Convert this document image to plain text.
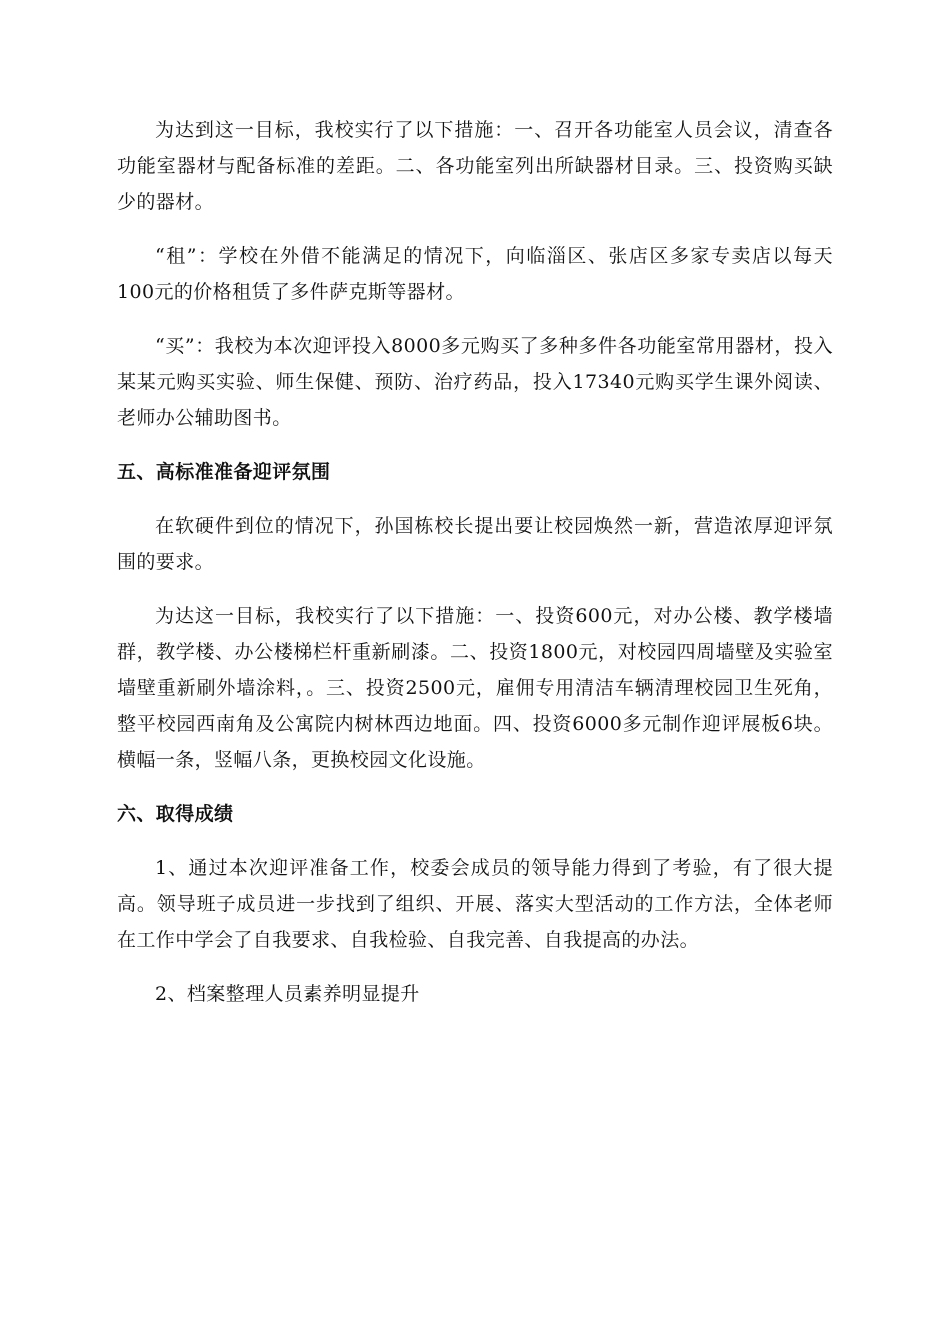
为达到这一目标，我校实行了以下措施：一、召开各功能室人员会议，清查各功能室器材与配备标准的差距。二、各功能室列出所缺器材目录。三、投资购买缺少的器材。

“租”：学校在外借不能满足的情况下，向临淄区、张店区多家专卖店以每天100元的价格租赁了多件萨克斯等器材。

“买”：我校为本次迎评投入8000多元购买了多种多件各功能室常用器材，投入某某元购买实验、师生保健、预防、治疗药品，投入17340元购买学生课外阅读、老师办公辅助图书。

五、高标准准备迎评氛围

在软硬件到位的情况下，孙国栋校长提出要让校园焕然一新，营造浓厚迎评氛围的要求。

为达这一目标，我校实行了以下措施：一、投资600元，对办公楼、教学楼墙群，教学楼、办公楼梯栏杆重新刷漆。二、投资1800元，对校园四周墙壁及实验室墙壁重新刷外墙涂料，。三、投资2500元，雇佣专用清洁车辆清理校园卫生死角，整平校园西南角及公寓院内树林西边地面。四、投资6000多元制作迎评展板6块。横幅一条，竖幅八条，更换校园文化设施。

六、取得成绩

1、通过本次迎评准备工作，校委会成员的领导能力得到了考验，有了很大提高。领导班子成员进一步找到了组织、开展、落实大型活动的工作方法，全体老师在工作中学会了自我要求、自我检验、自我完善、自我提高的办法。

2、档案整理人员素养明显提升
